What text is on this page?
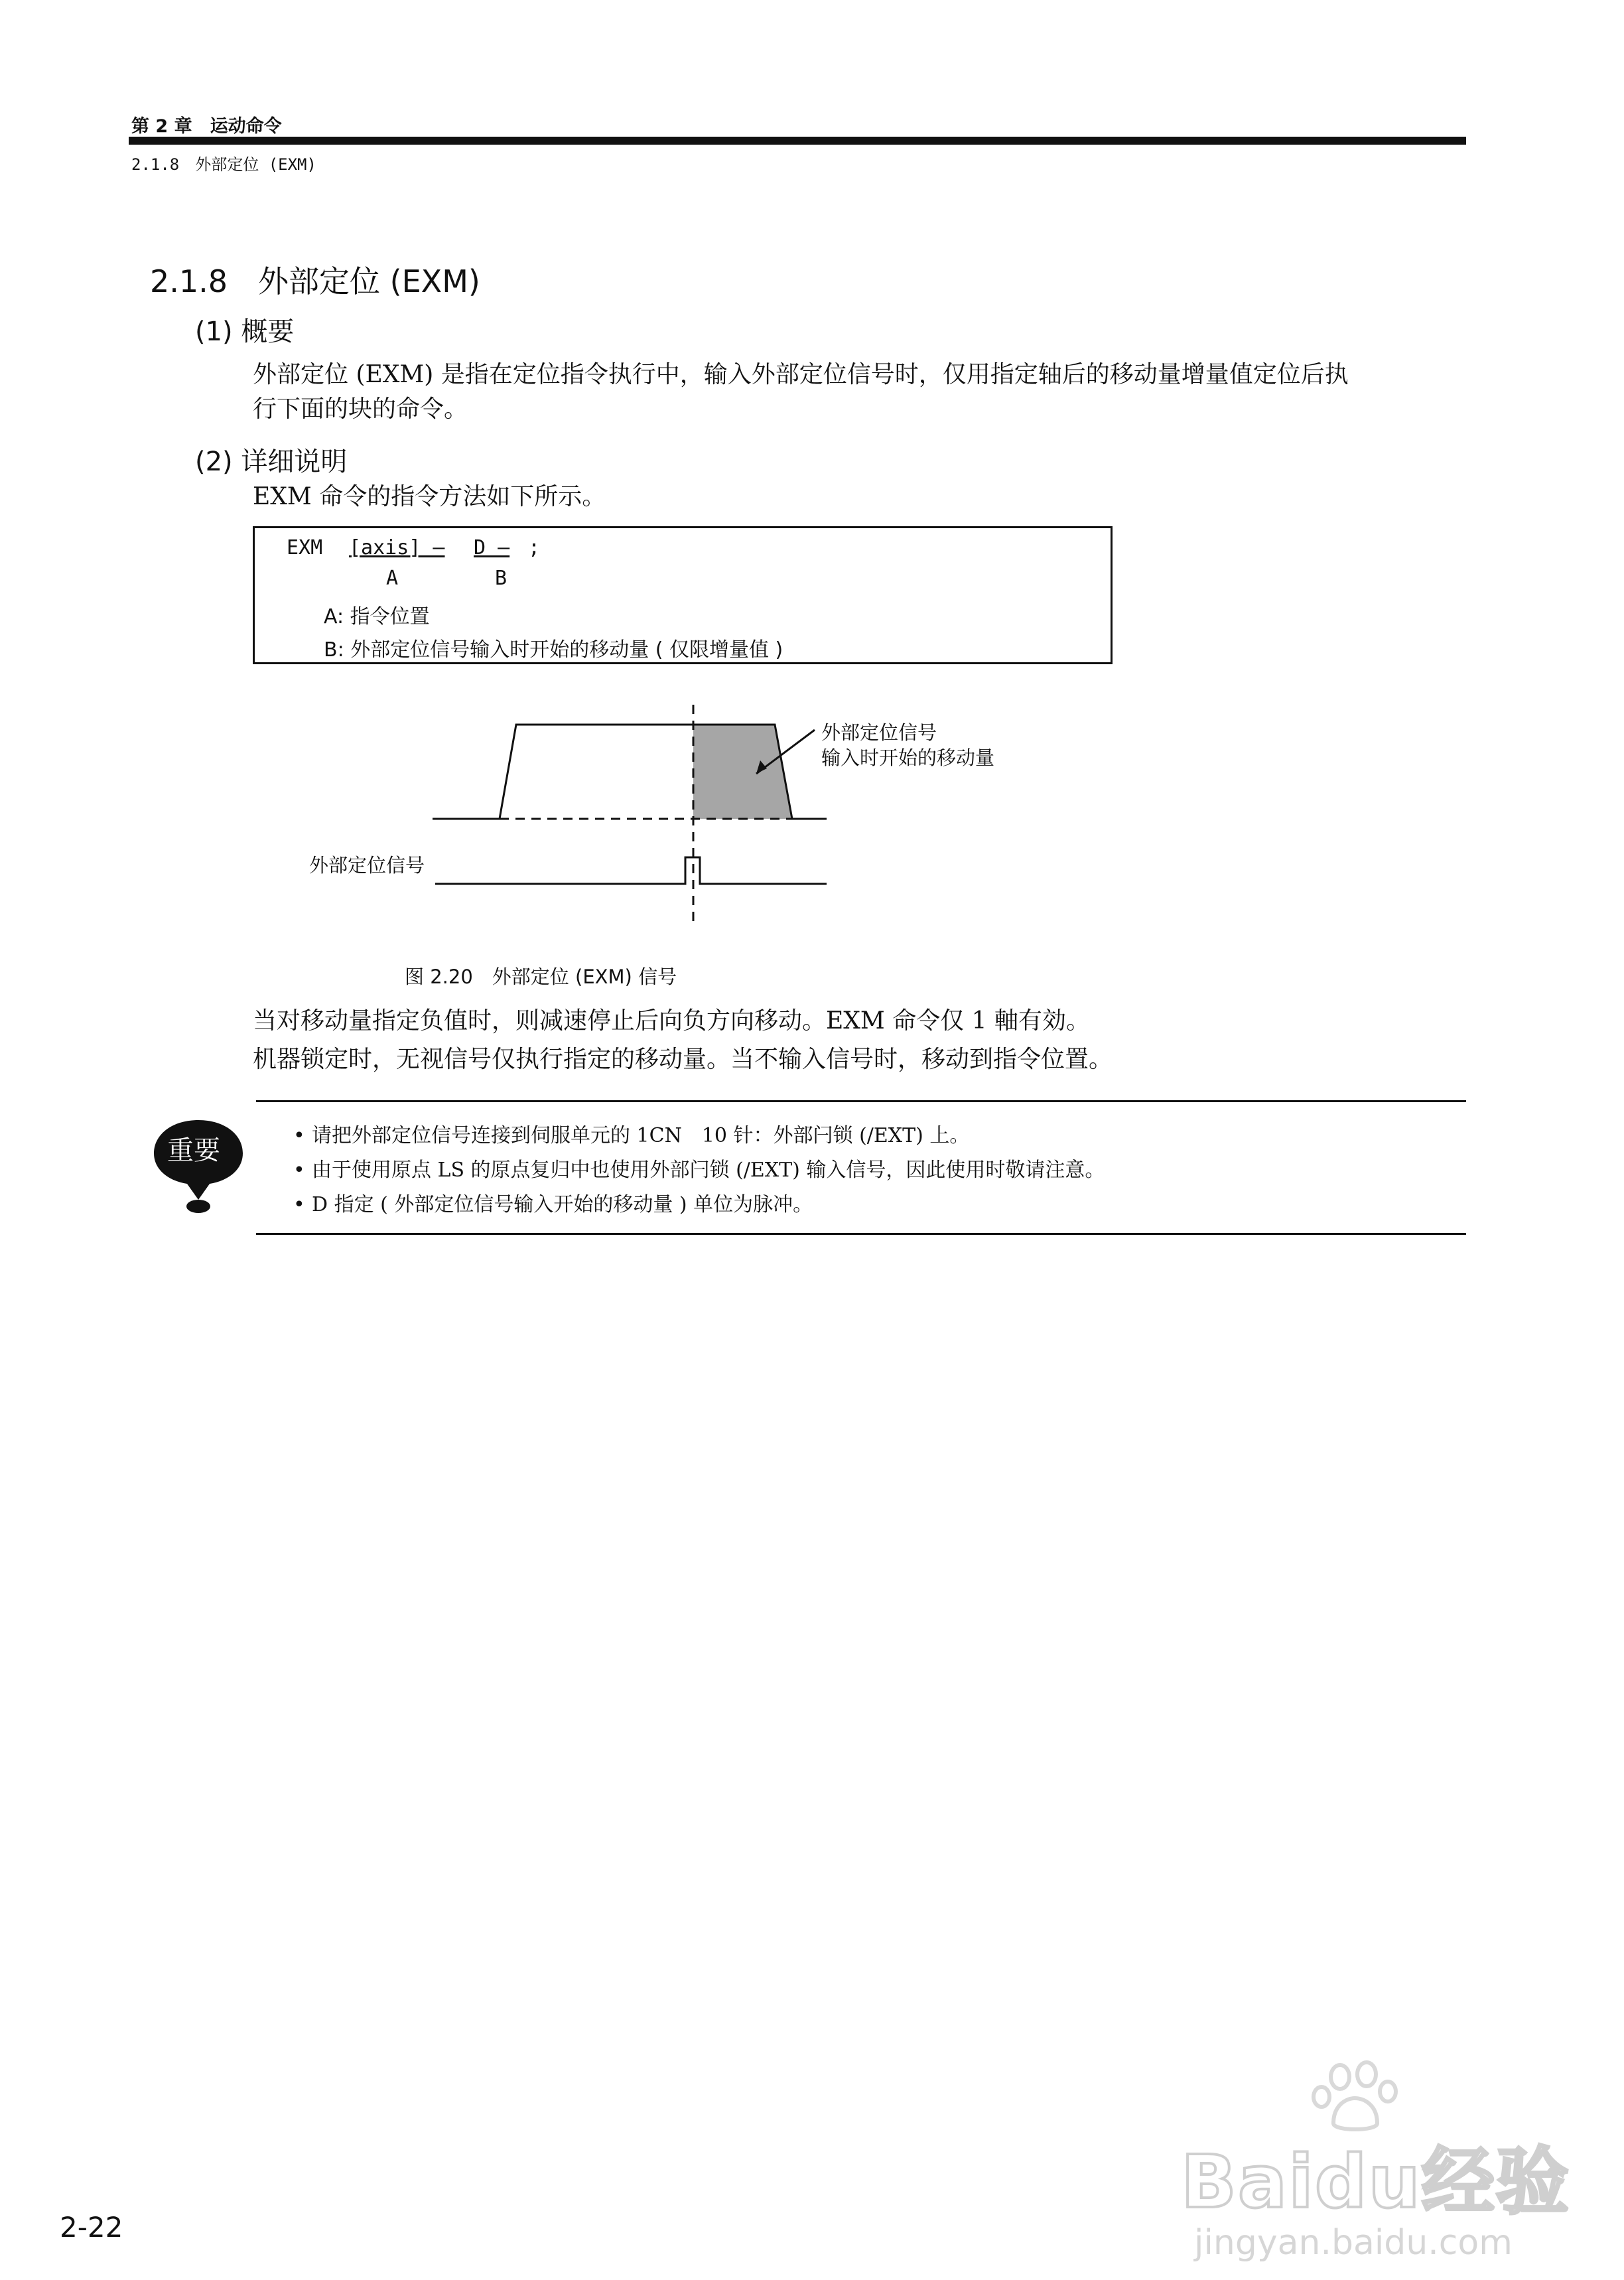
第 2 章　运动命令
2.1.8　外部定位 (EXM)
2.1.8　外部定位 (EXM)
(1) 概要
外部定位 (EXM) 是指在定位指令执行中，输入外部定位信号时，仅用指定轴后的移动量增量值定位后执
行下面的块的命令。
(2) 详细说明
EXM 命令的指令方法如下所示。
EXM [axis] — D — ;
A	B
A: 指令位置
B: 外部定位信号输入时开始的移动量 ( 仅限增量值 )
外部定位信号
输入时开始的移动量
外部定位信号
图 2.20　外部定位 (EXM) 信号
当对移动量指定负值时，则减速停止后向负方向移动。EXM 命令仅 1 軸有効。
机器锁定时，无视信号仅执行指定的移动量。当不输入信号时，移动到指令位置。
重要	• 请把外部定位信号连接到伺服单元的 1CN　10 针：外部闩锁 (/EXT) 上。
• 由于使用原点 LS 的原点复归中也使用外部闩锁 (/EXT) 输入信号，因此使用时敬请注意。
• D 指定 ( 外部定位信号输入开始的移动量 ) 单位为脉冲。
Baidu经验
jingyan.baidu.com
2-22
